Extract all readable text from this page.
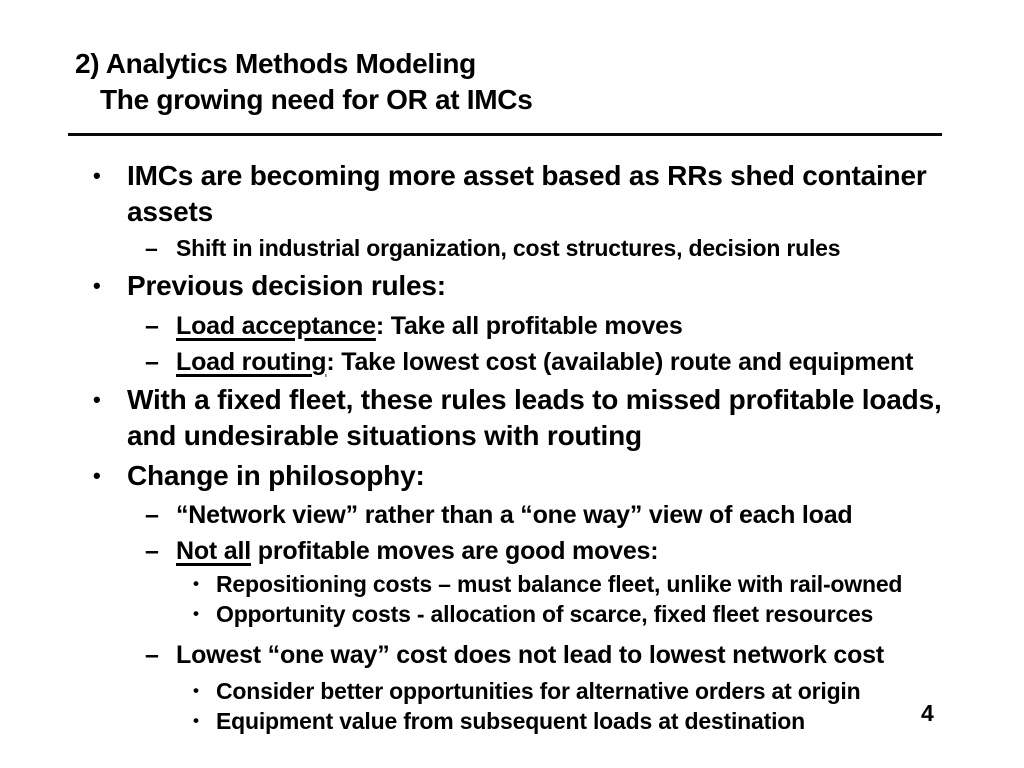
2) Analytics Methods Modeling
The growing need for OR at IMCs
• IMCs are becoming more asset based as RRs shed container assets
– Shift in industrial organization, cost structures, decision rules
• Previous decision rules:
– Load acceptance: Take all profitable moves
– Load routing: Take lowest cost (available) route and equipment
• With a fixed fleet, these rules leads to missed profitable loads, and undesirable situations with routing
• Change in philosophy:
– “Network view” rather than a “one way” view of each load
– Not all profitable moves are good moves:
• Repositioning costs – must balance fleet, unlike with rail-owned
• Opportunity costs - allocation of scarce, fixed fleet resources
– Lowest “one way” cost does not lead to lowest network cost
• Consider better opportunities for alternative orders at origin
• Equipment value from subsequent loads at destination	4
